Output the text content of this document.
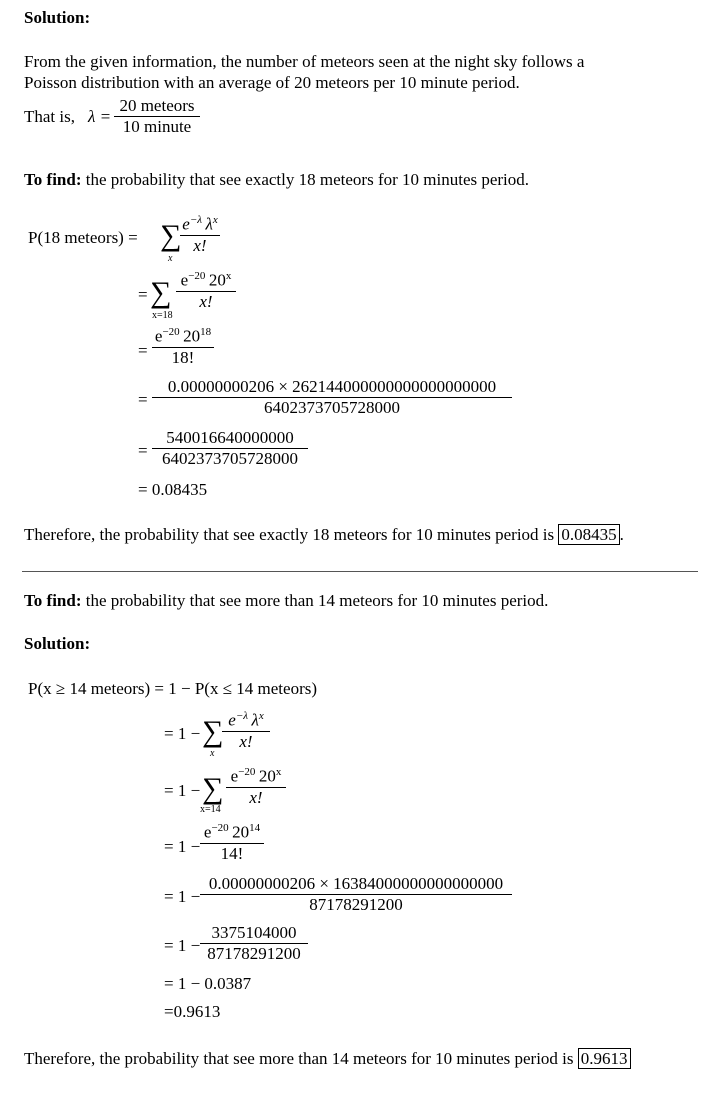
Solution:
From the given information, the number of meteors seen at the night sky follows a
Poisson distribution with an average of 20 meteors per 10 minute period.
That is, λ =
20 meteors
10 minute
To find: the probability that see exactly 18 meteors for 10 minutes period.
P(18 meteors) = ∑
x
$e^{-\lambda}$  $\lambda^x$
x!
= ∑
x=18
$e^{-20}$  20$^x$
x!
=
$e^{-20}$  $20^{18}$
18!
=
0.00000000206 × 262144000000000000000000
6402373705728000
=
540016640000000
6402373705728000
= 0.08435
Therefore, the probability that see exactly 18 meteors for 10 minutes period is 0.08435 .
To find: the probability that see more than 14 meteors for 10 minutes period.
Solution:
P(x ≥ 14 meteors) = 1 − P(x ≤ 14 meteors)
= 1 − ∑
x
$e^{-\lambda}$  $\lambda^x$
x!
= 1 − ∑
x=14
$e^{-20}$  20$^x$
x!
= 1 −
$e^{-20}$  $20^{14}$
14!
= 1 −
0.00000000206 × 16384000000000000000
87178291200
= 1 −
3375104000
87178291200
= 1 − 0.0387
=0.9613
Therefore, the probability that see more than 14 meteors for 10 minutes period is 0.9613
